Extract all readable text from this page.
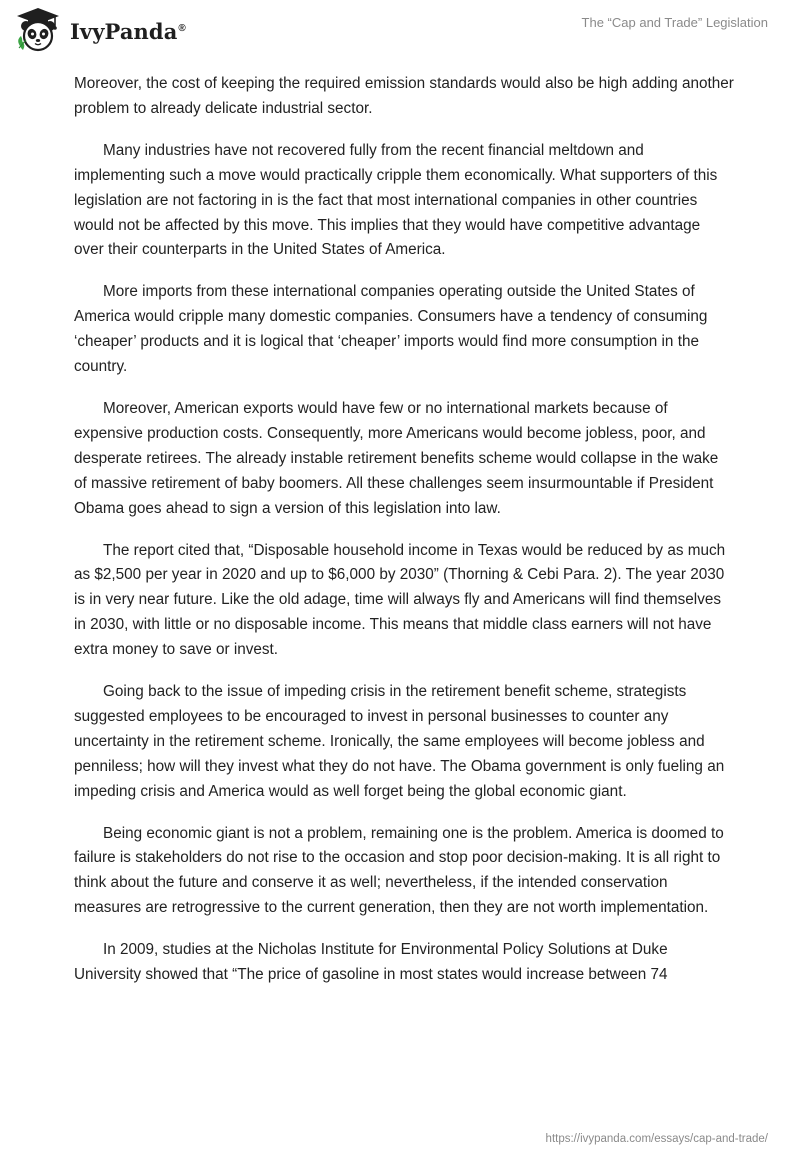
IvyPanda®	The “Cap and Trade” Legislation

Moreover, the cost of keeping the required emission standards would also be high adding another problem to already delicate industrial sector.

Many industries have not recovered fully from the recent financial meltdown and implementing such a move would practically cripple them economically. What supporters of this legislation are not factoring in is the fact that most international companies in other countries would not be affected by this move. This implies that they would have competitive advantage over their counterparts in the United States of America.

More imports from these international companies operating outside the United States of America would cripple many domestic companies. Consumers have a tendency of consuming ‘cheaper’ products and it is logical that ‘cheaper’ imports would find more consumption in the country.

Moreover, American exports would have few or no international markets because of expensive production costs. Consequently, more Americans would become jobless, poor, and desperate retirees. The already instable retirement benefits scheme would collapse in the wake of massive retirement of baby boomers. All these challenges seem insurmountable if President Obama goes ahead to sign a version of this legislation into law.

The report cited that, “Disposable household income in Texas would be reduced by as much as $2,500 per year in 2020 and up to $6,000 by 2030” (Thorning & Cebi Para. 2). The year 2030 is in very near future. Like the old adage, time will always fly and Americans will find themselves in 2030, with little or no disposable income. This means that middle class earners will not have extra money to save or invest.

Going back to the issue of impeding crisis in the retirement benefit scheme, strategists suggested employees to be encouraged to invest in personal businesses to counter any uncertainty in the retirement scheme. Ironically, the same employees will become jobless and penniless; how will they invest what they do not have. The Obama government is only fueling an impeding crisis and America would as well forget being the global economic giant.

Being economic giant is not a problem, remaining one is the problem. America is doomed to failure is stakeholders do not rise to the occasion and stop poor decision-making. It is all right to think about the future and conserve it as well; nevertheless, if the intended conservation measures are retrogressive to the current generation, then they are not worth implementation.

In 2009, studies at the Nicholas Institute for Environmental Policy Solutions at Duke University showed that “The price of gasoline in most states would increase between 74

https://ivypanda.com/essays/cap-and-trade/
